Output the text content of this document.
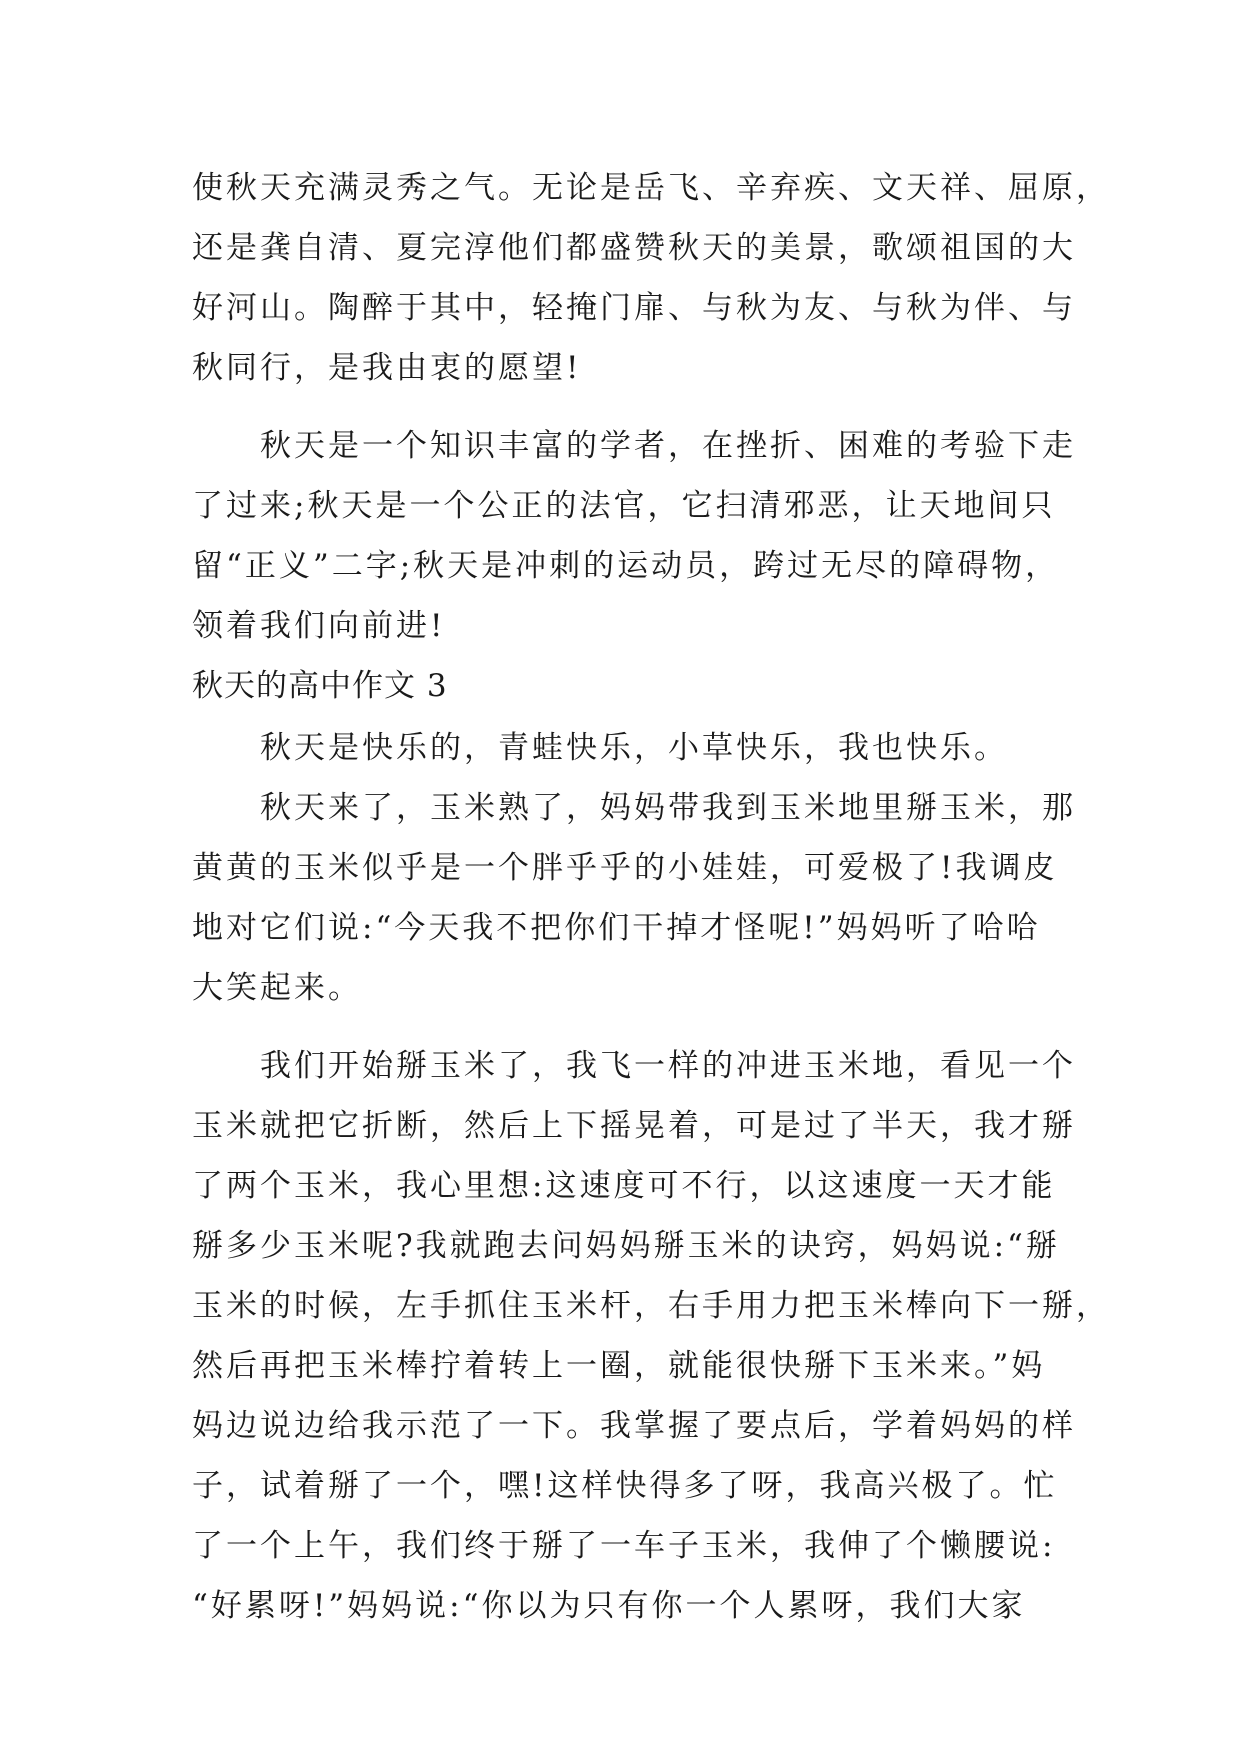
使秋天充满灵秀之气。无论是岳飞、辛弃疾、文天祥、屈原，
还是龚自清、夏完淳他们都盛赞秋天的美景，歌颂祖国的大
好河山。陶醉于其中，轻掩门扉、与秋为友、与秋为伴、与
秋同行，是我由衷的愿望!
秋天是一个知识丰富的学者，在挫折、困难的考验下走
了过来;秋天是一个公正的法官，它扫清邪恶，让天地间只
留“正义”二字;秋天是冲刺的运动员，跨过无尽的障碍物，
领着我们向前进!
秋天的高中作文 3
秋天是快乐的，青蛙快乐，小草快乐，我也快乐。
秋天来了，玉米熟了，妈妈带我到玉米地里掰玉米，那
黄黄的玉米似乎是一个胖乎乎的小娃娃，可爱极了!我调皮
地对它们说:“今天我不把你们干掉才怪呢!”妈妈听了哈哈
大笑起来。
我们开始掰玉米了，我飞一样的冲进玉米地，看见一个
玉米就把它折断，然后上下摇晃着，可是过了半天，我才掰
了两个玉米，我心里想:这速度可不行，以这速度一天才能
掰多少玉米呢?我就跑去问妈妈掰玉米的诀窍，妈妈说:“掰
玉米的时候，左手抓住玉米杆，右手用力把玉米棒向下一掰，
然后再把玉米棒拧着转上一圈，就能很快掰下玉米来。”妈
妈边说边给我示范了一下。我掌握了要点后，学着妈妈的样
子，试着掰了一个，嘿!这样快得多了呀，我高兴极了。忙
了一个上午，我们终于掰了一车子玉米，我伸了个懒腰说:
“好累呀!”妈妈说:“你以为只有你一个人累呀，我们大家
